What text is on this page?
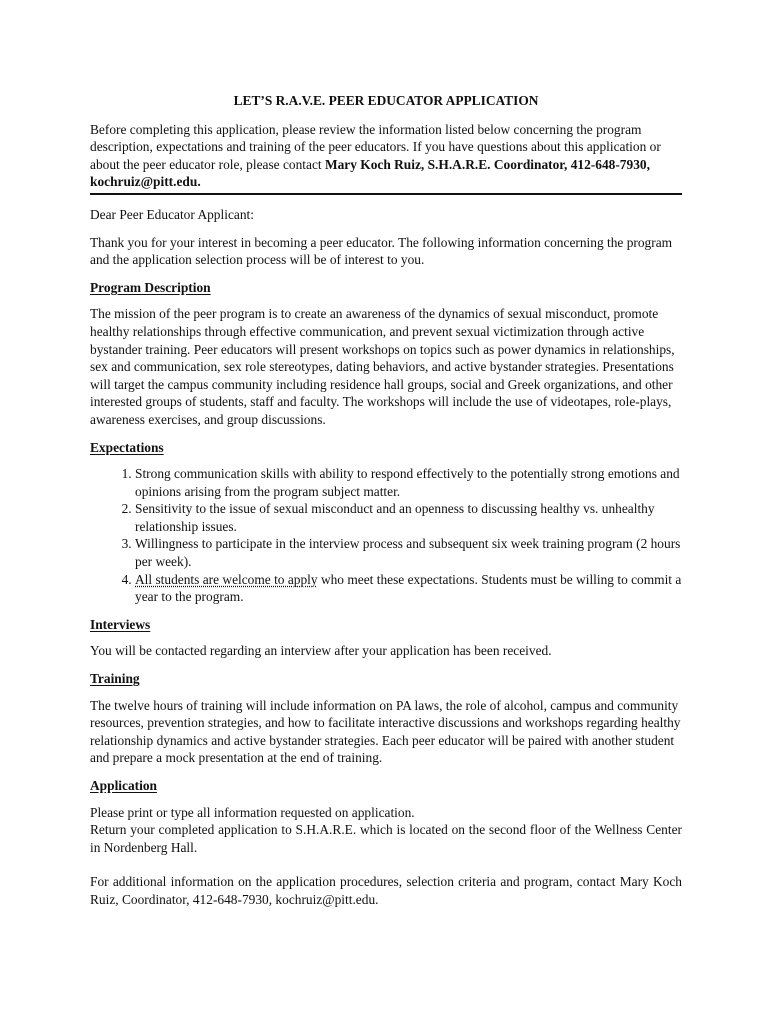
LET’S R.A.V.E. PEER EDUCATOR APPLICATION

Before completing this application, please review the information listed below concerning the program description, expectations and training of the peer educators. If you have questions about this application or about the peer educator role, please contact Mary Koch Ruiz, S.H.A.R.E. Coordinator, 412-648-7930, kochruiz@pitt.edu.

Dear Peer Educator Applicant:

Thank you for your interest in becoming a peer educator. The following information concerning the program and the application selection process will be of interest to you.

Program Description

The mission of the peer program is to create an awareness of the dynamics of sexual misconduct, promote healthy relationships through effective communication, and prevent sexual victimization through active bystander training. Peer educators will present workshops on topics such as power dynamics in relationships, sex and communication, sex role stereotypes, dating behaviors, and active bystander strategies. Presentations will target the campus community including residence hall groups, social and Greek organizations, and other interested groups of students, staff and faculty. The workshops will include the use of videotapes, role-plays, awareness exercises, and group discussions.

Expectations
1. Strong communication skills with ability to respond effectively to the potentially strong emotions and opinions arising from the program subject matter.
2. Sensitivity to the issue of sexual misconduct and an openness to discussing healthy vs. unhealthy relationship issues.
3. Willingness to participate in the interview process and subsequent six week training program (2 hours per week).
4. All students are welcome to apply who meet these expectations. Students must be willing to commit a year to the program.
Interviews

You will be contacted regarding an interview after your application has been received.

Training

The twelve hours of training will include information on PA laws, the role of alcohol, campus and community resources, prevention strategies, and how to facilitate interactive discussions and workshops regarding healthy relationship dynamics and active bystander strategies. Each peer educator will be paired with another student and prepare a mock presentation at the end of training.

Application

Please print or type all information requested on application.

Return your completed application to S.H.A.R.E. which is located on the second floor of the Wellness Center in Nordenberg Hall.

For additional information on the application procedures, selection criteria and program, contact Mary Koch Ruiz, Coordinator, 412-648-7930, kochruiz@pitt.edu.
